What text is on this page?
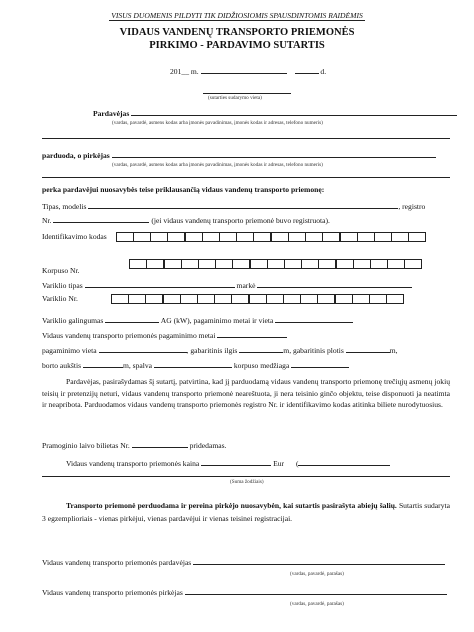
VISUS DUOMENIS PILDYTI TIK DIDŽIOSIOMIS SPAUSDINTOMIS RAIDĖMIS
VIDAUS VANDENŲ TRANSPORTO PRIEMONĖS
PIRKIMO - PARDAVIMO SUTARTIS
201__ m.	d.
(sutarties sudarymo vieta)
Pardavėjas
(vardas, pavardė, asmens kodas arba įmonės pavadinimas, įmonės kodas ir adresas, telefono numeris)
parduoda, o pirkėjas
(vardas, pavardė, asmens kodas arba įmonės pavadinimas, įmonės kodas ir adresas, telefono numeris)
perka pardavėjui nuosavybės teise priklausančią vidaus vandenų transporto priemonę:
Tipas, modelis	, registro
Nr.	(jei vidaus vandenų transporto priemonė buvo registruota).
Identifikavimo kodas
Korpuso Nr.
Variklio tipas	markė
Variklio Nr.
Variklio galingumas	AG (kW), pagaminimo metai ir vieta
Vidaus vandenų transporto priemonės pagaminimo metai
pagaminimo vieta	, gabaritinis ilgis	m, gabaritinis plotis	m,
borto aukštis	m, spalva	korpuso medžiaga
Pardavėjas, pasirašydamas šį sutartį, patvirtina, kad jį parduodamą vidaus vandenų transporto priemonę trečiųjų asmenų jokių teisių ir pretenzijų neturi, vidaus vandenų transporto priemonė neareštuota, ji nera teisinio ginčo objektu, teise disponuoti ja neatimta ir neapribota. Parduodamos vidaus vandenų transporto priemonės registro Nr. ir identifikavimo kodas atitinka biliete nurodytuosius.
Pramoginio laivo bilietas Nr.	pridedamas.
Vidaus vandenų transporto priemonės kaina	Eur (
(Suma žodžiais)
Transporto priemonė perduodama ir pereina pirkėjo nuosavybėn, kai sutartis pasirašyta abiejų šalių. Sutartis sudaryta 3 egzemplioriais - vienas pirkėjui, vienas pardavėjui ir vienas teisinei registracijai.
Vidaus vandenų transporto priemonės pardavėjas
(vardas, pavardė, parašas)
Vidaus vandenų transporto priemonės pirkėjas
(vardas, pavardė, parašas)
